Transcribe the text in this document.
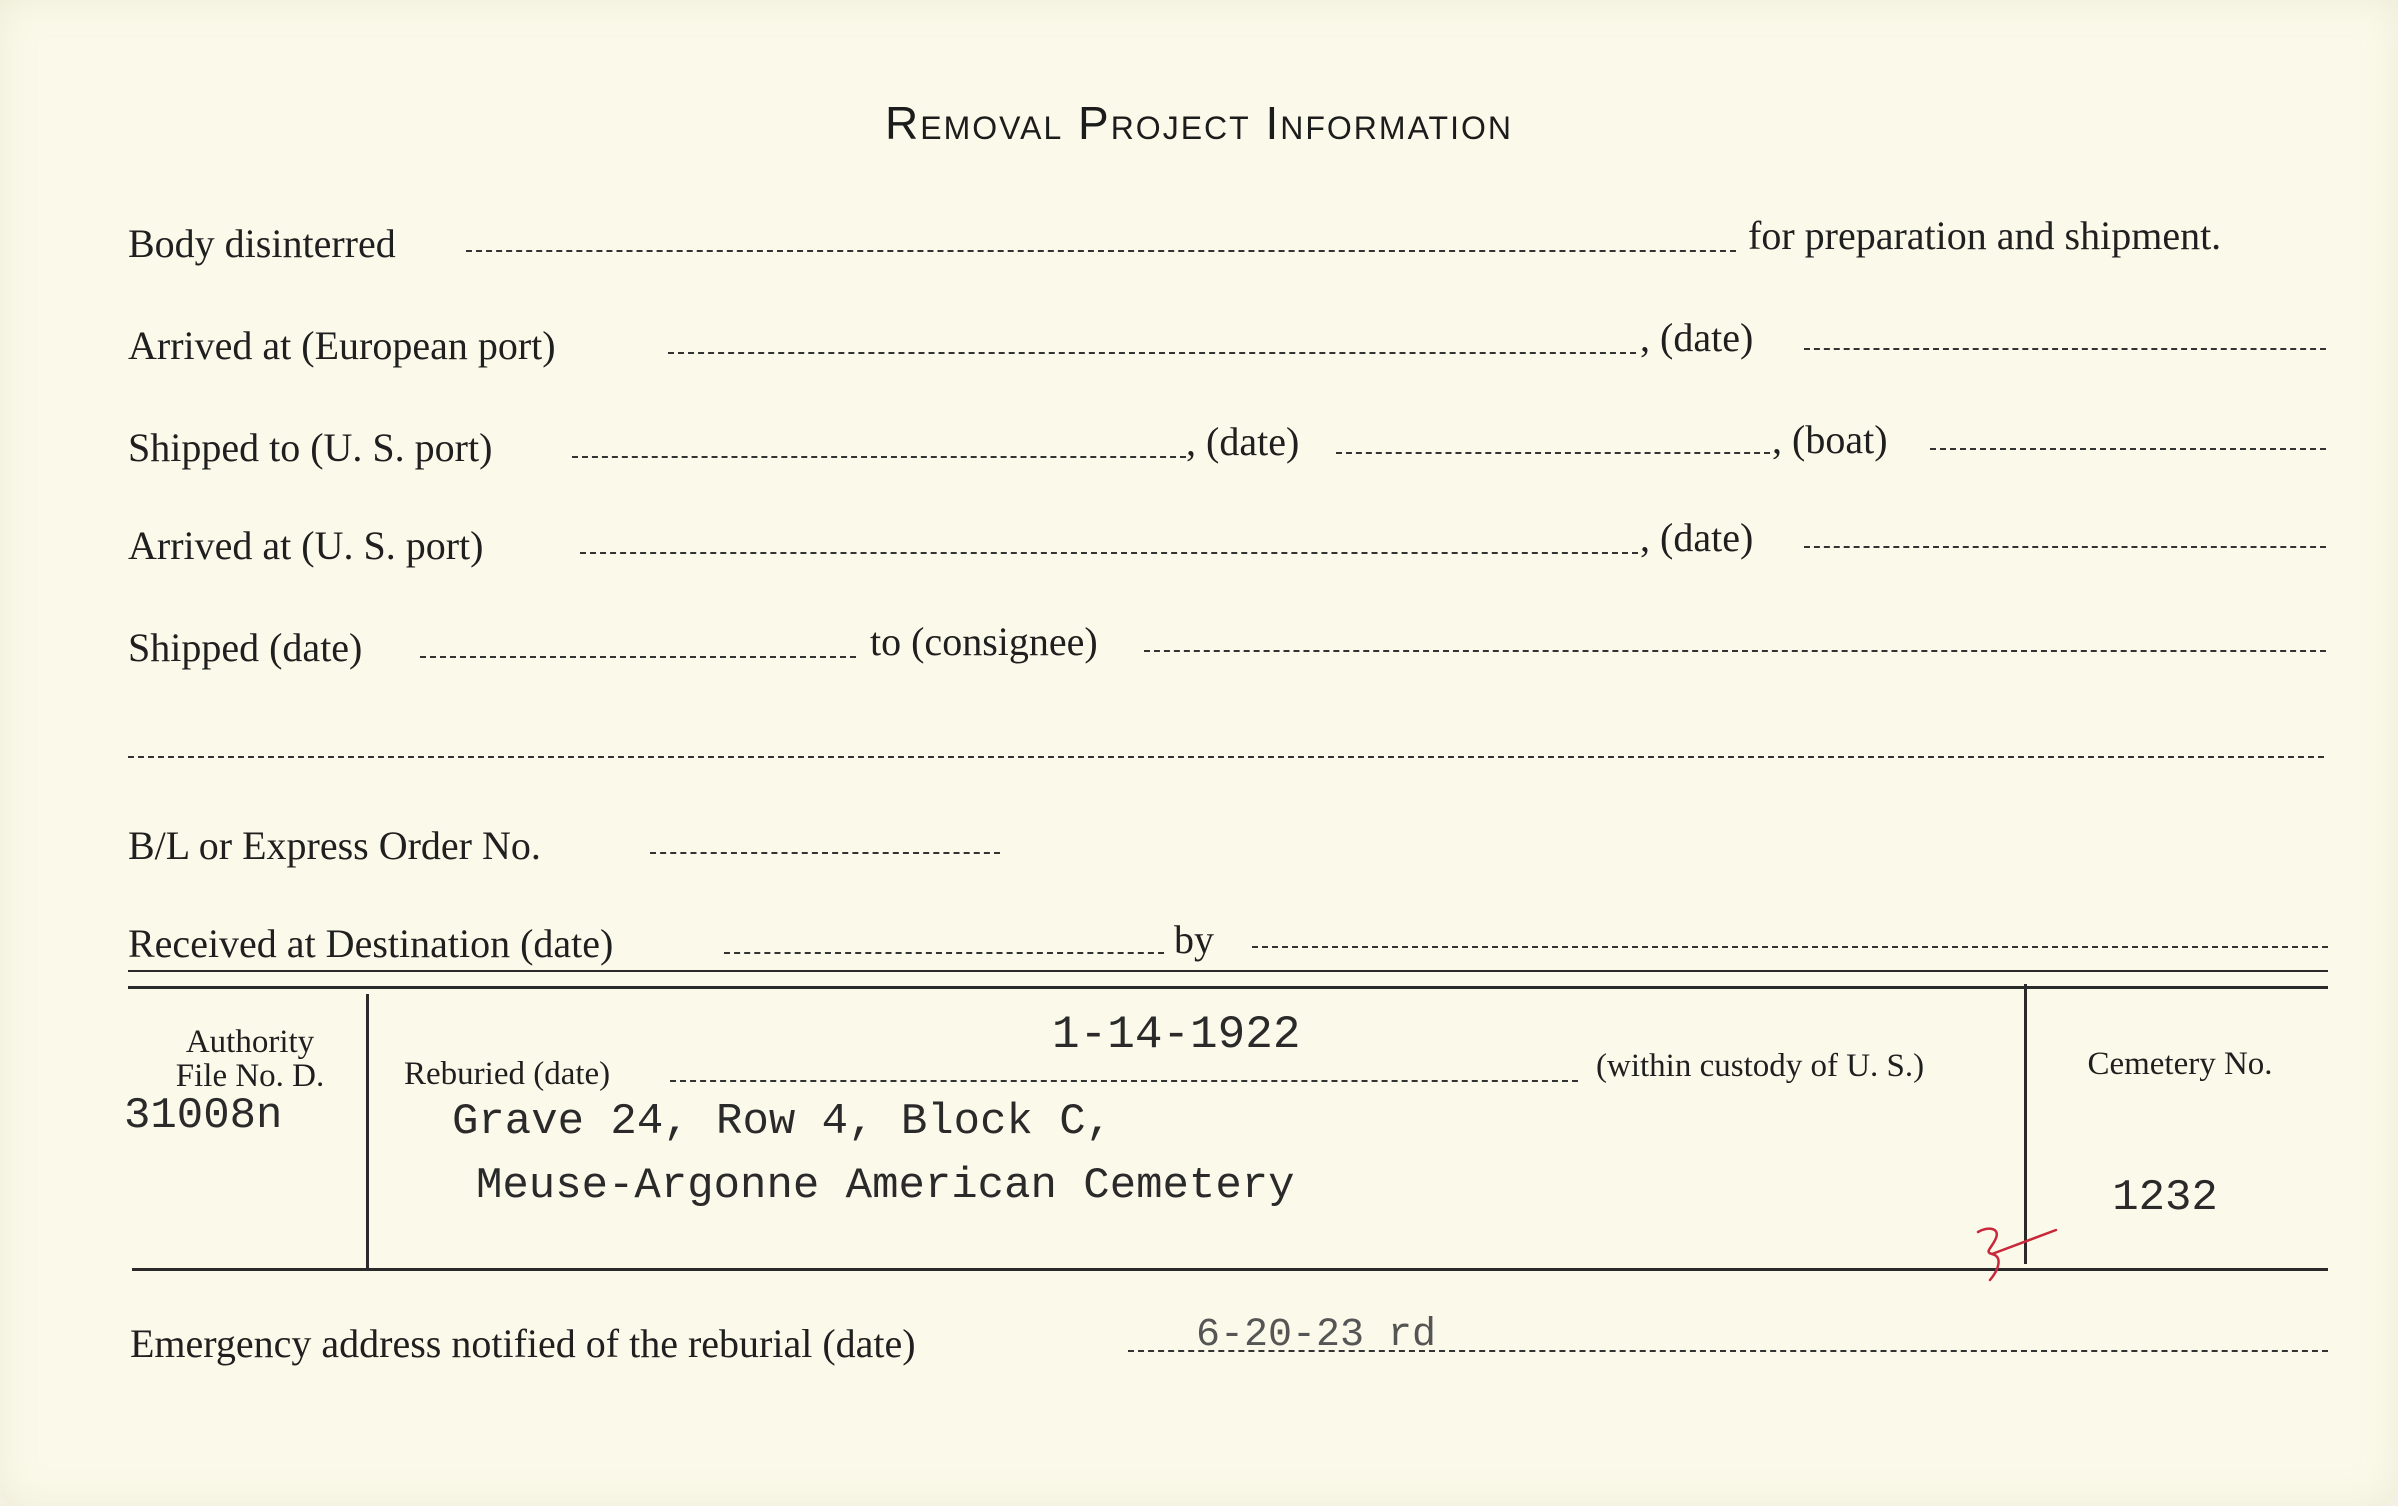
Removal Project Information
Body disinterred	for preparation and shipment.
Arrived at (European port)	, (date)
Shipped to (U. S. port)	, (date)	, (boat)
Arrived at (U. S. port)	, (date)
Shipped (date)	to (consignee)
B/L or Express Order No.
Received at Destination (date)	by
Authority
File No. D.
31008n
1-14-1922
Reburied (date)	(within custody of U. S.)
Grave 24, Row 4, Block C,
Meuse-Argonne American Cemetery
Cemetery No.
1232
Emergency address notified of the reburial (date)	6-20-23 rd
